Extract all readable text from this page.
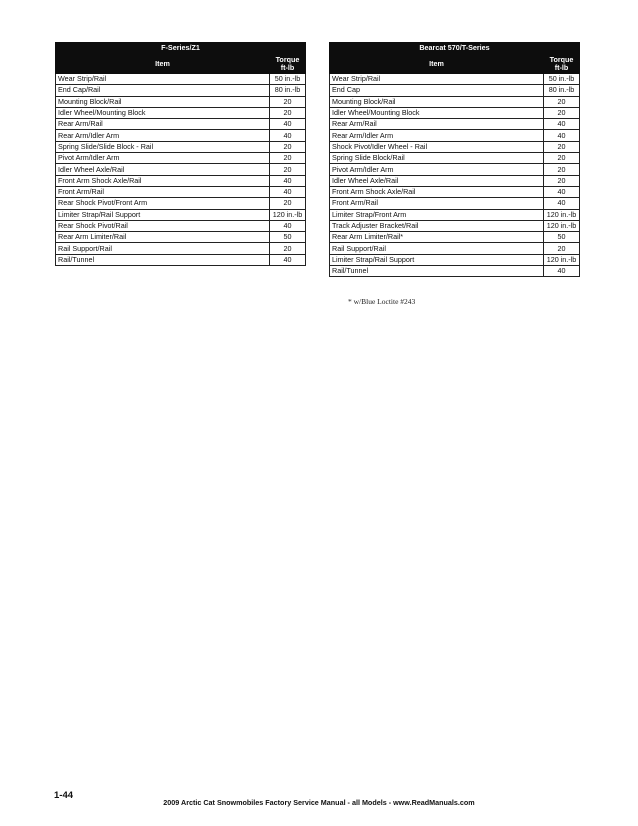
F-Series/Z1	
Item	Torque
ft-lb
Wear Strip/Rail	50 in.-lb
End Cap/Rail	80 in.-lb
Mounting Block/Rail	20
Idler Wheel/Mounting Block	20
Rear Arm/Rail	40
Rear Arm/Idler Arm	40
Spring Slide/Slide Block - Rail	20
Pivot Arm/Idler Arm	20
Idler Wheel Axle/Rail	20
Front Arm Shock Axle/Rail	40
Front Arm/Rail	40
Rear Shock Pivot/Front Arm	20
Limiter Strap/Rail Support	120 in.-lb
Rear Shock Pivot/Rail	40
Rear Arm Limiter/Rail	50
Rail Support/Rail	20
Rail/Tunnel	40
Bearcat 570/T-Series	
Item	Torque
ft-lb
Wear Strip/Rail	50 in.-lb
End Cap	80 in.-lb
Mounting Block/Rail	20
Idler Wheel/Mounting Block	20
Rear Arm/Rail	40
Rear Arm/Idler Arm	40
Shock Pivot/Idler Wheel - Rail	20
Spring Slide Block/Rail	20
Pivot Arm/Idler Arm	20
Idler Wheel Axle/Rail	20
Front Arm Shock Axle/Rail	40
Front Arm/Rail	40
Limiter Strap/Front Arm	120 in.-lb
Track Adjuster Bracket/Rail	120 in.-lb
Rear Arm Limiter/Rail*	50
Rail Support/Rail	20
Limiter Strap/Rail Support	120 in.-lb
Rail/Tunnel	40
* w/Blue Loctite #243
1-44
2009 Arctic Cat Snowmobiles Factory Service Manual - all Models - www.ReadManuals.com
